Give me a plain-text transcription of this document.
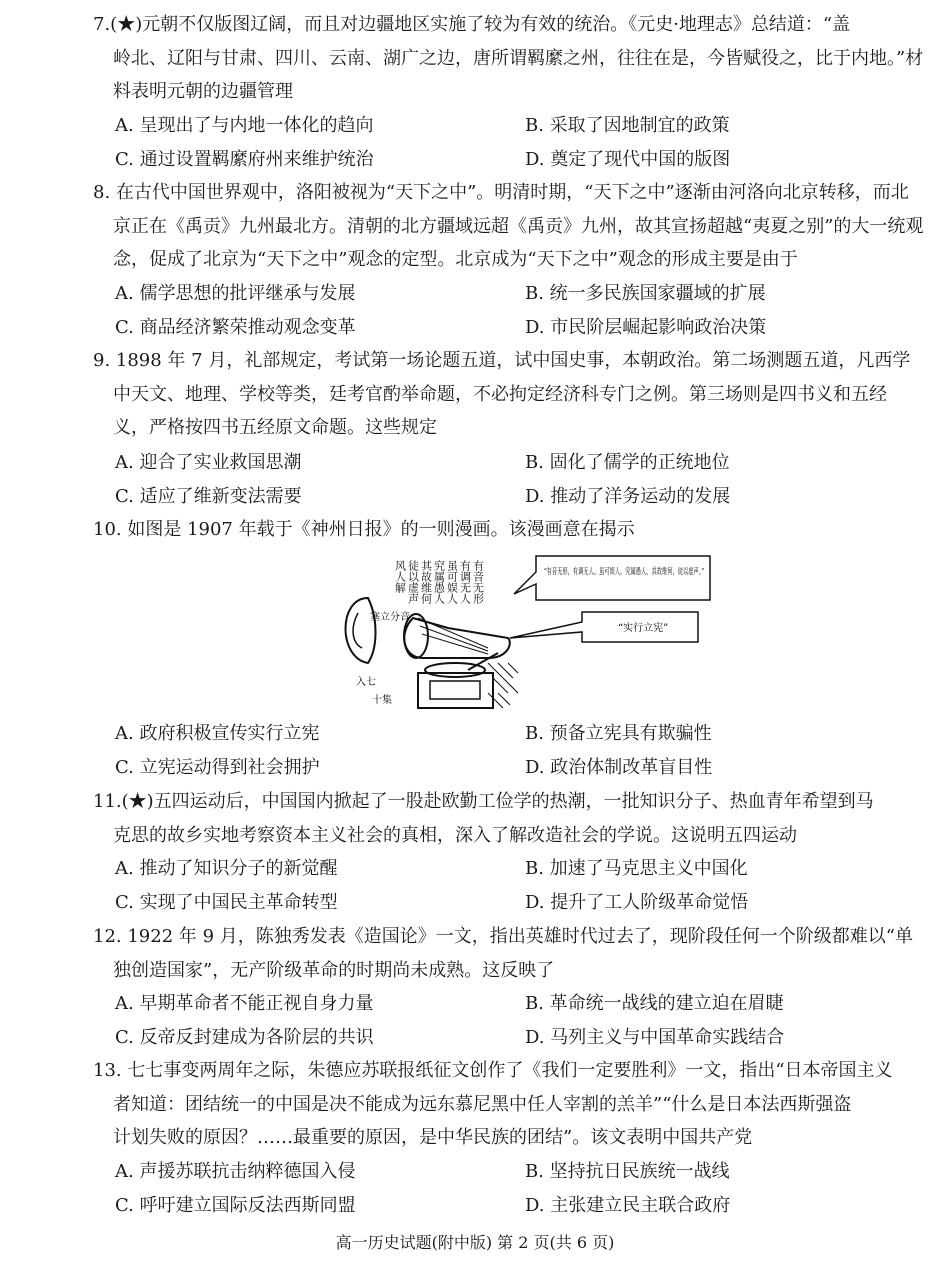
7.(★)元朝不仅版图辽阔，而且对边疆地区实施了较为有效的统治。《元史·地理志》总结道：“盖
岭北、辽阳与甘肃、四川、云南、湖广之边，唐所谓羁縻之州，往往在是，今皆赋役之，比于内地。”材
料表明元朝的边疆管理
A. 呈现出了与内地一体化的趋向	B. 采取了因地制宜的政策
C. 通过设置羁縻府州来维护统治	D. 奠定了现代中国的版图
8. 在古代中国世界观中，洛阳被视为“天下之中”。明清时期，“天下之中”逐渐由河洛向北京转移，而北
京正在《禹贡》九州最北方。清朝的北方疆域远超《禹贡》九州，故其宣扬超越“夷夏之别”的大一统观
念，促成了北京为“天下之中”观念的定型。北京成为“天下之中”观念的形成主要是由于
A. 儒学思想的批评继承与发展	B. 统一多民族国家疆域的扩展
C. 商品经济繁荣推动观念变革	D. 市民阶层崛起影响政治决策
9. 1898 年 7 月，礼部规定，考试第一场论题五道，试中国史事，本朝政治。第二场测题五道，凡西学
中天文、地理、学校等类，廷考官酌举命题，不必拘定经济科专门之例。第三场则是四书义和五经
义，严格按四书五经原文命题。这些规定
A. 迎合了实业救国思潮	B. 固化了儒学的正统地位
C. 适应了维新变法需要	D. 推动了洋务运动的发展
10. 如图是 1907 年载于《神州日报》的一则漫画。该漫画意在揭示
有音无形
有调无人
虽可娱人
究属愚人
其故维何
徒以虚声
风人解
塞立分音
入七
十集
“有音无形，有调无人。虽可娱人，究属愚人，其故维何，徒以虚声。”
“实行立宪”
A. 政府积极宣传实行立宪	B. 预备立宪具有欺骗性
C. 立宪运动得到社会拥护	D. 政治体制改革盲目性
11.(★)五四运动后，中国国内掀起了一股赴欧勤工俭学的热潮，一批知识分子、热血青年希望到马
克思的故乡实地考察资本主义社会的真相，深入了解改造社会的学说。这说明五四运动
A. 推动了知识分子的新觉醒	B. 加速了马克思主义中国化
C. 实现了中国民主革命转型	D. 提升了工人阶级革命觉悟
12. 1922 年 9 月，陈独秀发表《造国论》一文，指出英雄时代过去了，现阶段任何一个阶级都难以“单
独创造国家”，无产阶级革命的时期尚未成熟。这反映了
A. 早期革命者不能正视自身力量	B. 革命统一战线的建立迫在眉睫
C. 反帝反封建成为各阶层的共识	D. 马列主义与中国革命实践结合
13. 七七事变两周年之际，朱德应苏联报纸征文创作了《我们一定要胜利》一文，指出“日本帝国主义
者知道：团结统一的中国是决不能成为远东慕尼黑中任人宰割的羔羊”“什么是日本法西斯强盗
计划失败的原因？……最重要的原因，是中华民族的团结”。该文表明中国共产党
A. 声援苏联抗击纳粹德国入侵	B. 坚持抗日民族统一战线
C. 呼吁建立国际反法西斯同盟	D. 主张建立民主联合政府
高一历史试题(附中版) 第 2 页(共 6 页)
